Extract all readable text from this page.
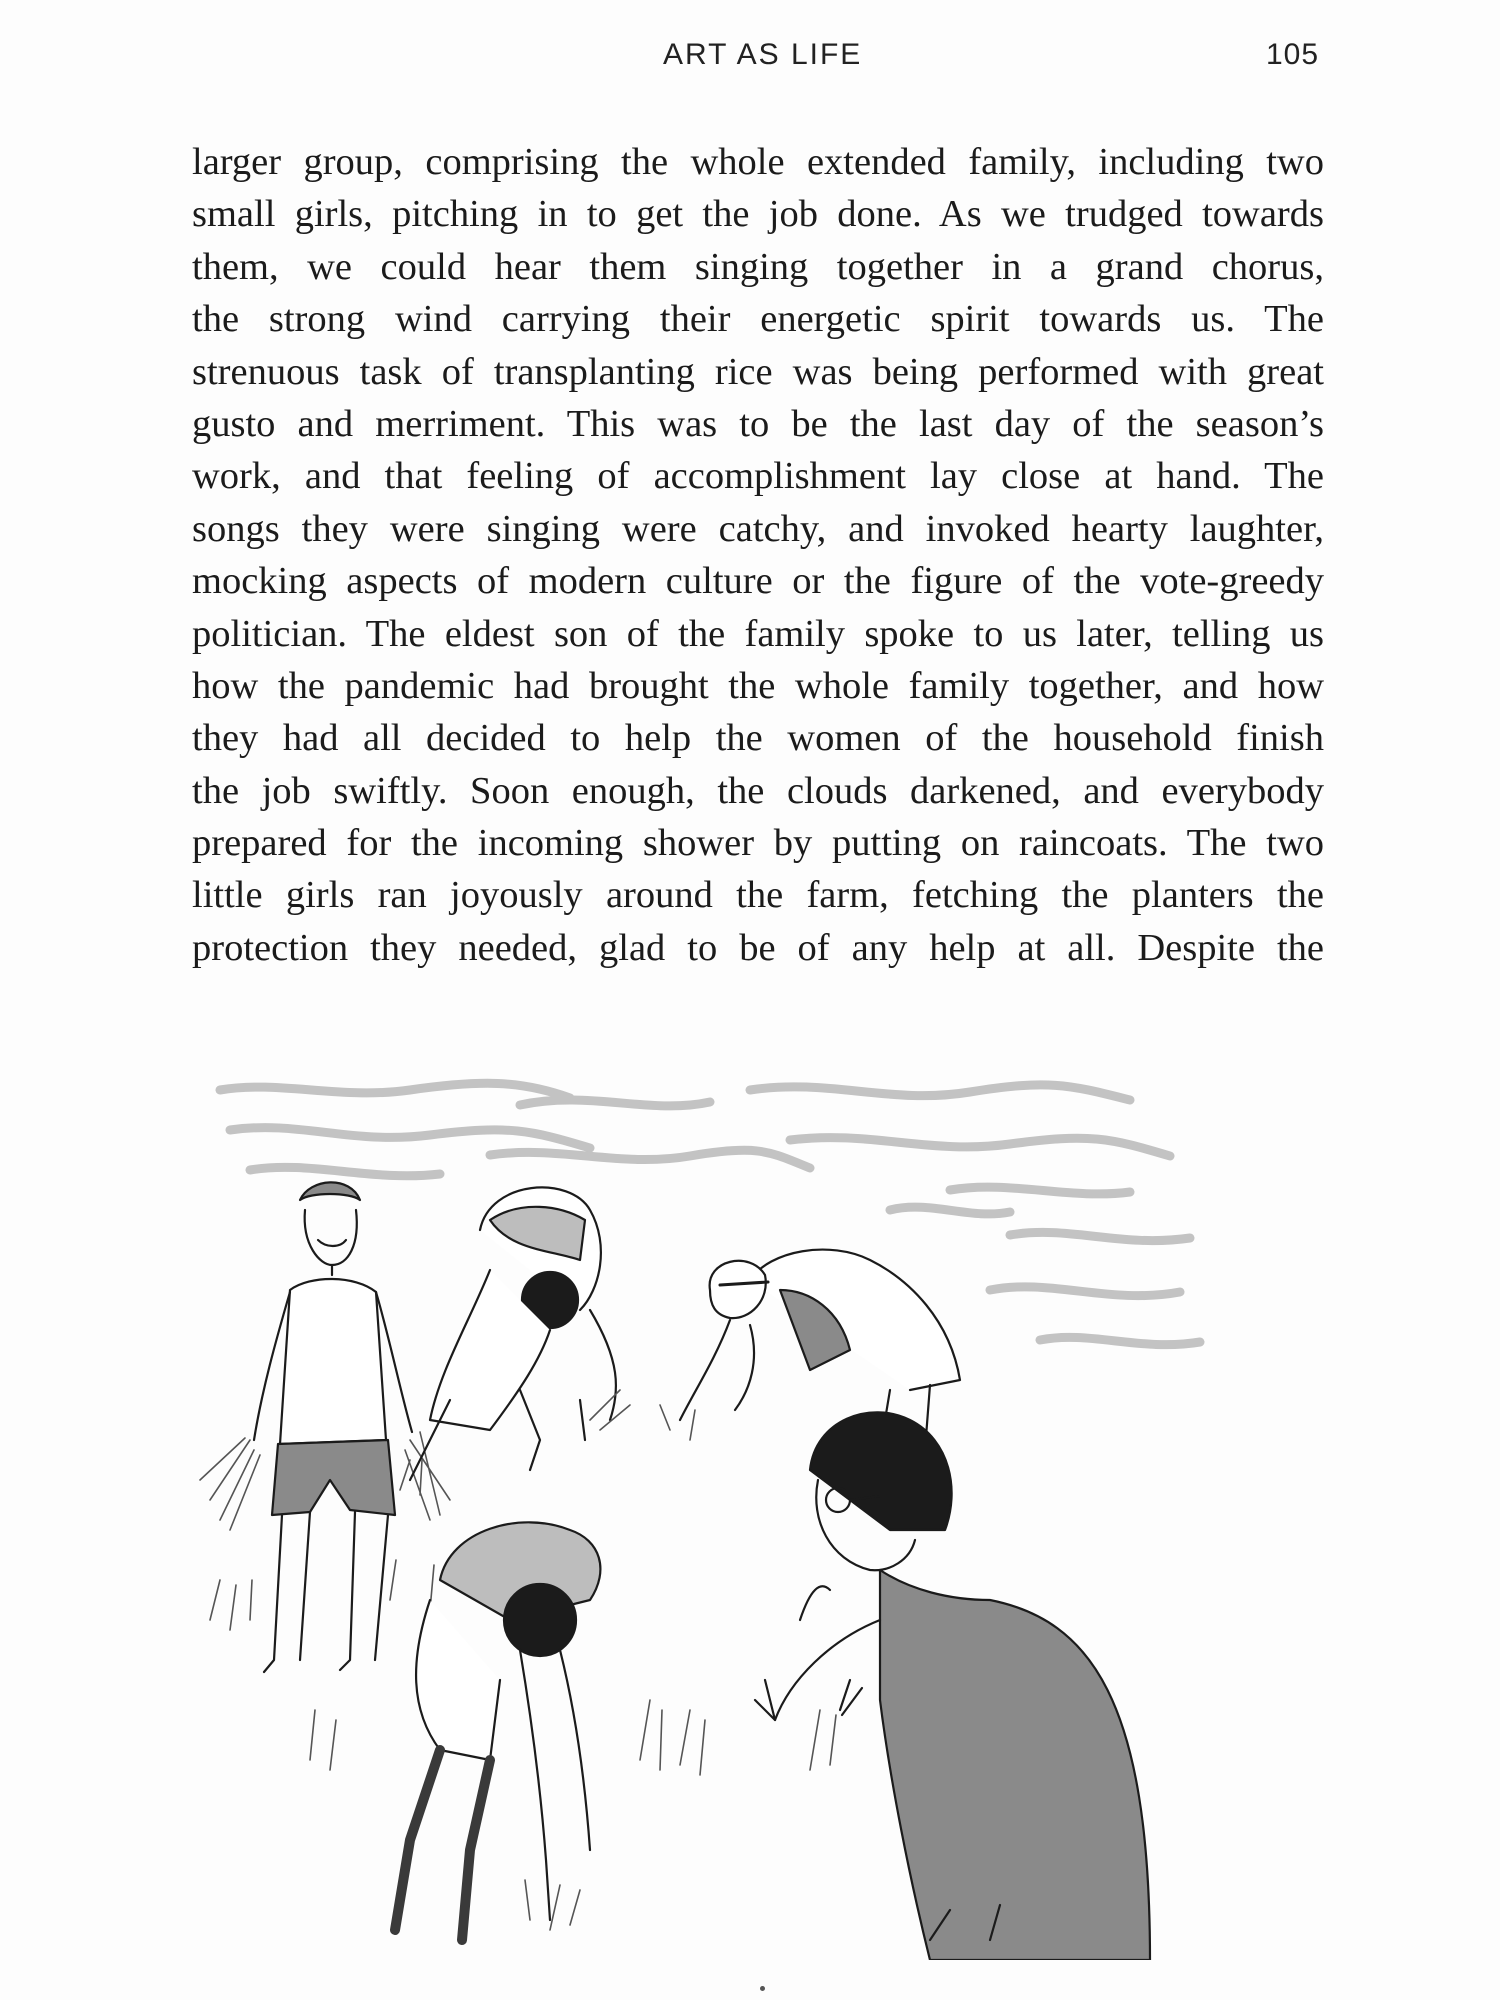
ART AS LIFE	105
larger group, comprising the whole extended family, including two
small girls, pitching in to get the job done. As we trudged towards
them, we could hear them singing together in a grand chorus,
the strong wind carrying their energetic spirit towards us. The
strenuous task of transplanting rice was being performed with great
gusto and merriment. This was to be the last day of the season’s
work, and that feeling of accomplishment lay close at hand. The
songs they were singing were catchy, and invoked hearty laughter,
mocking aspects of modern culture or the figure of the vote-greedy
politician. The eldest son of the family spoke to us later, telling us
how the pandemic had brought the whole family together, and how
they had all decided to help the women of the household finish
the job swiftly. Soon enough, the clouds darkened, and everybody
prepared for the incoming shower by putting on raincoats. The two
little girls ran joyously around the farm, fetching the planters the
protection they needed, glad to be of any help at all. Despite the
